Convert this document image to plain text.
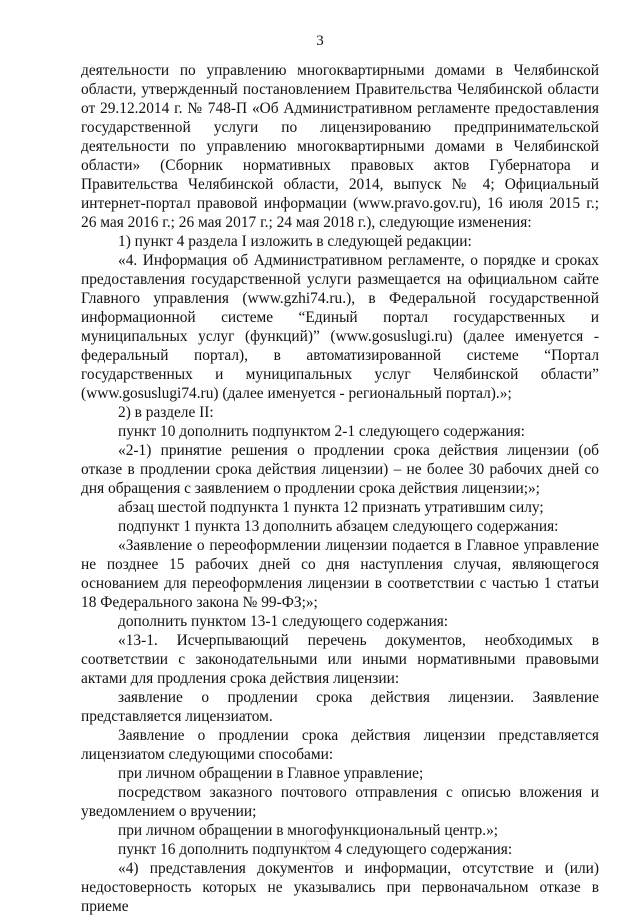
3

деятельности по управлению многоквартирными домами в Челябинской области, утвержденный постановлением Правительства Челябинской области от 29.12.2014 г. № 748-П «Об Административном регламенте предоставления государственной услуги по лицензированию предпринимательской деятельности по управлению многоквартирными домами в Челябинской области» (Сборник нормативных правовых актов Губернатора и Правительства Челябинской области, 2014, выпуск № 4; Официальный интернет-портал правовой информации (www.pravo.gov.ru), 16 июля 2015 г.; 26 мая 2016 г.; 26 мая 2017 г.; 24 мая 2018 г.), следующие изменения:

1) пункт 4 раздела I изложить в следующей редакции:

«4. Информация об Административном регламенте, о порядке и сроках предоставления государственной услуги размещается на официальном сайте Главного управления (www.gzhi74.ru.), в Федеральной государственной информационной системе “Единый портал государственных и муниципальных услуг (функций)” (www.gosuslugi.ru) (далее именуется - федеральный портал), в автоматизированной системе “Портал государственных и муниципальных услуг Челябинской области” (www.gosuslugi74.ru) (далее именуется - региональный портал).»;

2) в разделе II:

пункт 10 дополнить подпунктом 2-1 следующего содержания:

«2-1) принятие решения о продлении срока действия лицензии (об отказе в продлении срока действия лицензии) – не более 30 рабочих дней со дня обращения с заявлением о продлении срока действия лицензии;»;

абзац шестой подпункта 1 пункта 12 признать утратившим силу;

подпункт 1 пункта 13 дополнить абзацем следующего содержания:

«Заявление о переоформлении лицензии подается в Главное управление не позднее 15 рабочих дней со дня наступления случая, являющегося основанием для переоформления лицензии в соответствии с частью 1 статьи 18 Федерального закона № 99-ФЗ;»;

дополнить пунктом 13-1 следующего содержания:

«13-1. Исчерпывающий перечень документов, необходимых в соответствии с законодательными или иными нормативными правовыми актами для продления срока действия лицензии:

заявление о продлении срока действия лицензии. Заявление представляется лицензиатом.

Заявление о продлении срока действия лицензии представляется лицензиатом следующими способами:

при личном обращении в Главное управление;

посредством заказного почтового отправления с описью вложения и уведомлением о вручении;

при личном обращении в многофункциональный центр.»;

пункт 16 дополнить подпунктом 4 следующего содержания:

«4) представления документов и информации, отсутствие и (или) недостоверность которых не указывались при первоначальном отказе в приеме
